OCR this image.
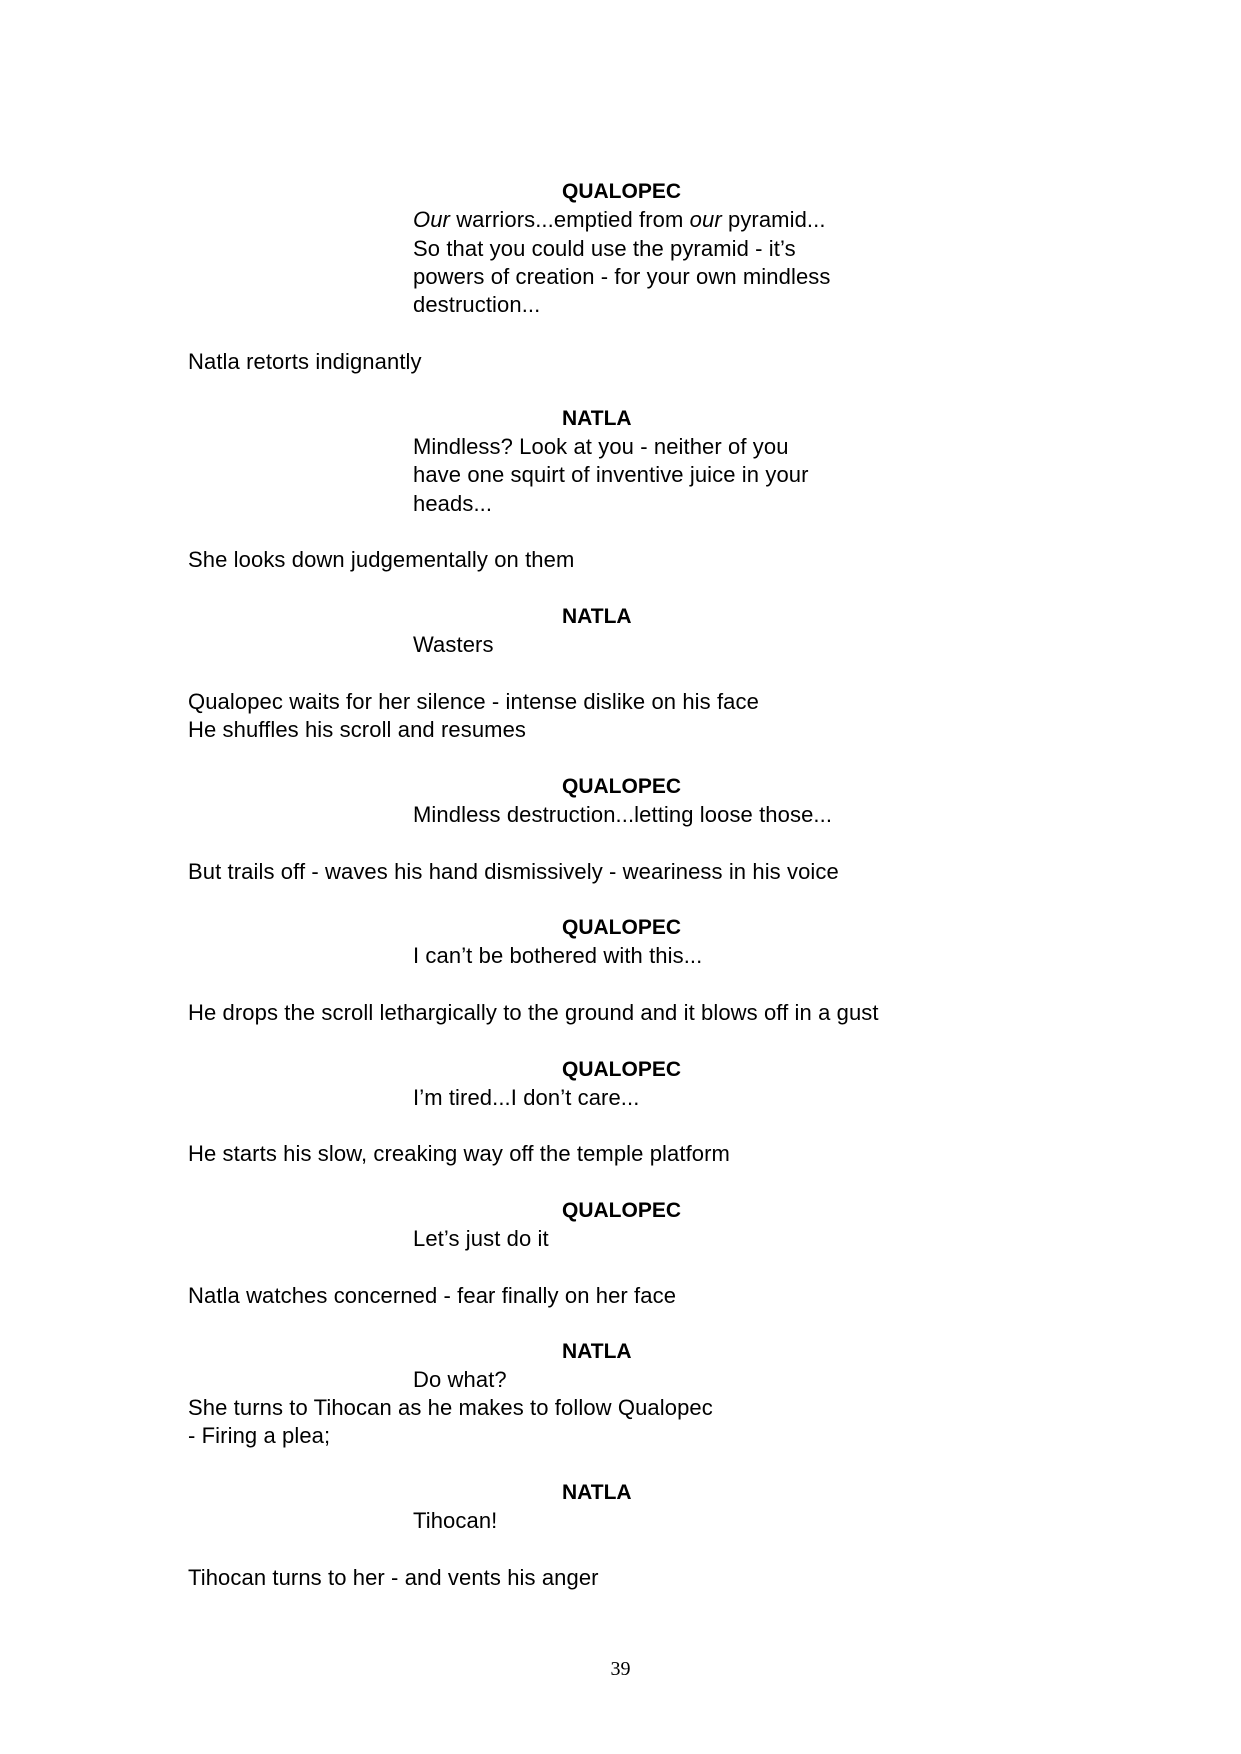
QUALOPEC
Our warriors...emptied from our pyramid...
So that you could use the pyramid - it’s
powers of creation - for your own mindless
destruction...
Natla retorts indignantly
NATLA
Mindless? Look at you - neither of you
have one squirt of inventive juice in your
heads...
She looks down judgementally on them
NATLA
Wasters
Qualopec waits for her silence - intense dislike on his face
He shuffles his scroll and resumes
QUALOPEC
Mindless destruction...letting loose those...
But trails off - waves his hand dismissively - weariness in his voice
QUALOPEC
I can’t be bothered with this...
He drops the scroll lethargically to the ground and it blows off in a gust
QUALOPEC
I’m tired...I don’t care...
He starts his slow, creaking way off the temple platform
QUALOPEC
Let’s just do it
Natla watches concerned - fear finally on her face
NATLA
Do what?
She turns to Tihocan as he makes to follow Qualopec
- Firing a plea;
NATLA
Tihocan!
Tihocan turns to her - and vents his anger
39
